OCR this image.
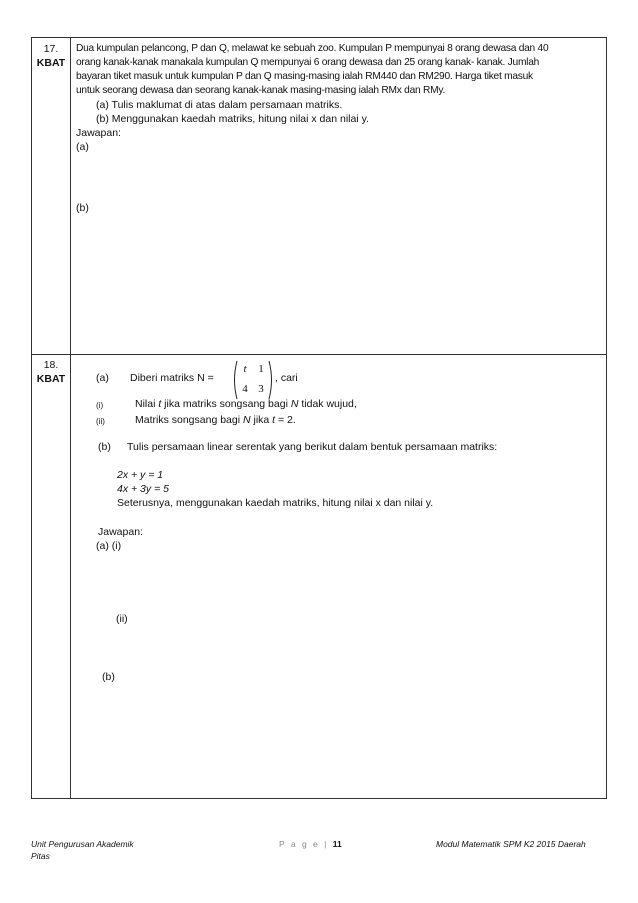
17.
KBAT
Dua kumpulan pelancong, P dan Q, melawat ke sebuah zoo. Kumpulan P mempunyai 8 orang dewasa dan 40
orang kanak-kanak manakala kumpulan Q mempunyai 6 orang dewasa dan 25 orang kanak- kanak. Jumlah
bayaran tiket masuk untuk kumpulan P dan Q masing-masing ialah RM440 dan RM290. Harga tiket masuk
untuk seorang dewasa dan seorang kanak-kanak masing-masing ialah RMx dan RMy.
(a) Tulis maklumat di atas dalam persamaan matriks.
(b) Menggunakan kaedah matriks, hitung nilai x dan nilai y.
Jawapan:
(a)
(b)
18.
KBAT	(a) Diberi matriks N =
t	1
4 3
, cari
(i)	Nilai t jika matriks songsang bagi N tidak wujud,
(ii)	Matriks songsang bagi N jika t = 2.
(b) Tulis persamaan linear serentak yang berikut dalam bentuk persamaan matriks:
2x + y = 1
4x + 3y = 5
Seterusnya, menggunakan kaedah matriks, hitung nilai x dan nilai y.
Jawapan:
(a) (i)
(ii)
(b)
Unit Pengurusan Akademik
Pitas
P a g e | 11	Modul Matematik SPM K2 2015 Daerah
